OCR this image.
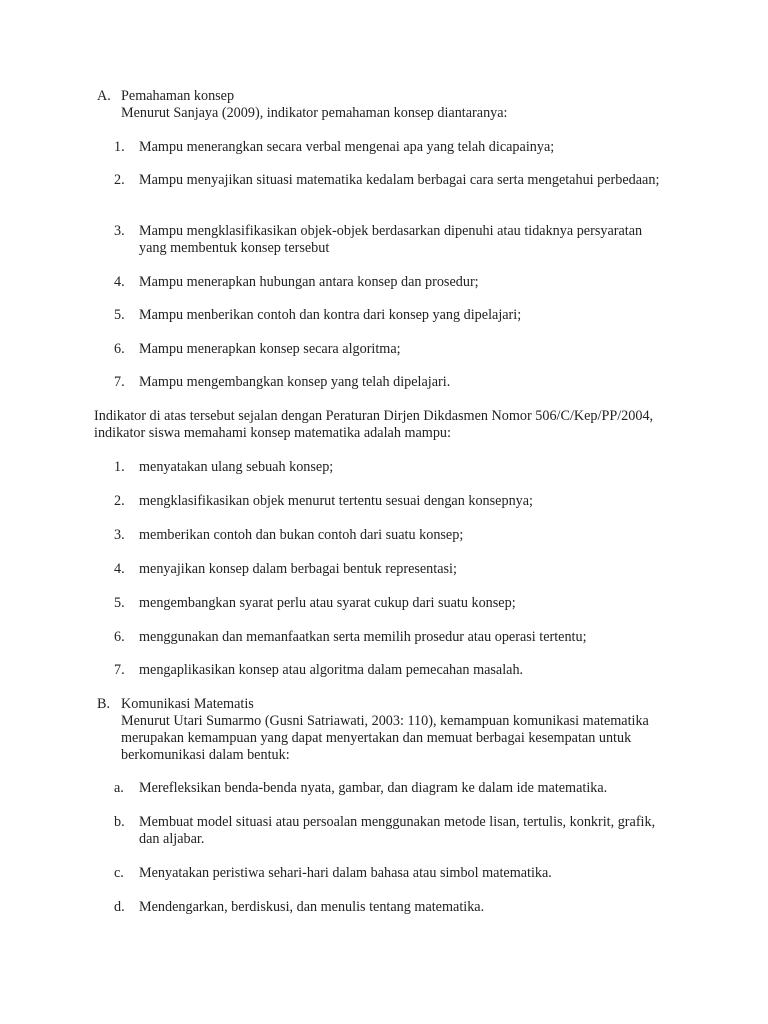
A. Pemahaman konsep
Menurut Sanjaya (2009), indikator pemahaman konsep diantaranya:
1.	Mampu menerangkan secara verbal mengenai apa yang telah dicapainya;
2.	Mampu menyajikan situasi matematika kedalam berbagai cara serta mengetahui perbedaan;
3.	Mampu mengklasifikasikan objek-objek berdasarkan dipenuhi atau tidaknya persyaratan yang membentuk konsep tersebut
4.	Mampu menerapkan hubungan antara konsep dan prosedur;
5.	Mampu menberikan contoh dan kontra dari konsep yang dipelajari;
6.	Mampu menerapkan konsep secara algoritma;
7.	Mampu mengembangkan konsep yang telah dipelajari.
Indikator di atas tersebut sejalan dengan Peraturan Dirjen Dikdasmen Nomor 506/C/Kep/PP/2004, indikator siswa memahami konsep matematika adalah mampu:
1.	menyatakan ulang sebuah konsep;
2.	mengklasifikasikan objek menurut tertentu sesuai dengan konsepnya;
3.	memberikan contoh dan bukan contoh dari suatu konsep;
4.	menyajikan konsep dalam berbagai bentuk representasi;
5.	mengembangkan syarat perlu atau syarat cukup dari suatu konsep;
6.	menggunakan dan memanfaatkan serta memilih prosedur atau operasi tertentu;
7.	mengaplikasikan konsep atau algoritma dalam pemecahan masalah.
B. Komunikasi Matematis
Menurut Utari Sumarmo (Gusni Satriawati, 2003: 110), kemampuan komunikasi matematika merupakan kemampuan yang dapat menyertakan dan memuat berbagai kesempatan untuk berkomunikasi dalam bentuk:
a.	Merefleksikan benda-benda nyata, gambar, dan diagram ke dalam ide matematika.
b.	Membuat model situasi atau persoalan menggunakan metode lisan, tertulis, konkrit, grafik, dan aljabar.
c.	Menyatakan peristiwa sehari-hari dalam bahasa atau simbol matematika.
d.	Mendengarkan, berdiskusi, dan menulis tentang matematika.
